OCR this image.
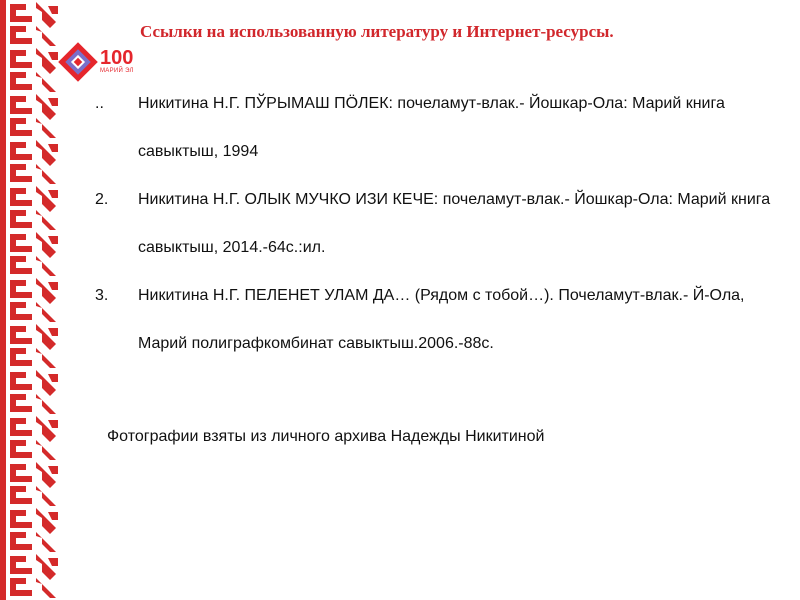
Ссылки на использованную литературу и Интернет-ресурсы.
100
МАРИЙ ЭЛ
.. Никитина Н.Г. ПЎРЫМАШ ПӦЛЕК: почеламут-влак.- Йошкар-Ола: Марий книга савыктыш, 1994
2. Никитина Н.Г. ОЛЫК МУЧКО ИЗИ КЕЧЕ: почеламут-влак.- Йошкар-Ола: Марий книга савыктыш, 2014.-64с.:ил.
3. Никитина Н.Г. ПЕЛЕНЕТ УЛАМ ДА… (Рядом с тобой…). Почеламут-влак.- Й-Ола, Марий полиграфкомбинат савыктыш.2006.-88с.
Фотографии взяты из личного архива Надежды Никитиной
